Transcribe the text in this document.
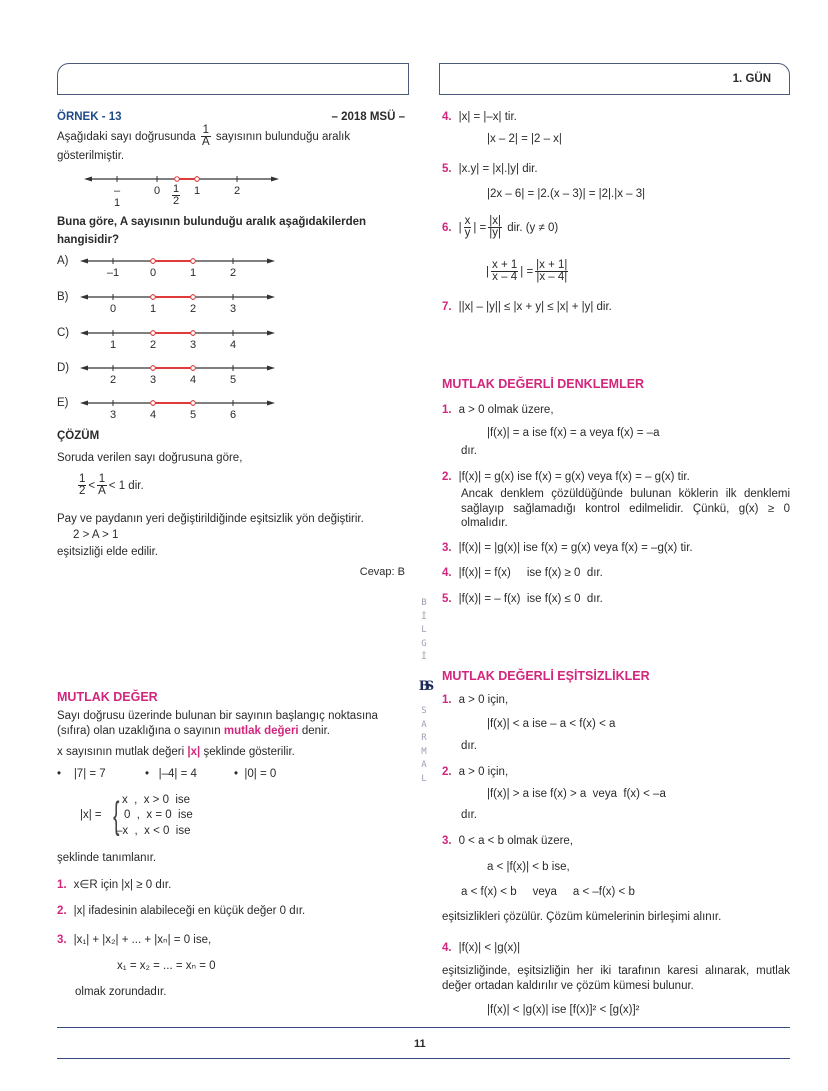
1. GÜN
ÖRNEK - 13	– 2018 MSÜ –
Aşağıdaki sayı doğrusunda $\frac{1}{A}$ sayısının bulunduğu aralık
gösterilmiştir.
–1
0	1	2
$\frac{1}{2}$
Buna göre, A sayısının bulunduğu aralık aşağıdakilerden
hangisidir?
A)
–1	0	1	2
B)
0	1	2	3
C)
1	2	3	4
D)
2	3	4	5
E)
3	4	5	6
ÇÖZÜM
Soruda verilen sayı doğrusuna göre,
$\frac{1}{2} < \frac{1}{A} < 1$ dir.
Pay ve paydanın yeri değiştirildiğinde eşitsizlik yön değiştirir.
2 > A > 1
eşitsizliği elde edilir.
Cevap: B
MUTLAK DEĞER
Sayı doğrusu üzerinde bulunan bir sayının başlangıç noktasına
(sıfıra) olan uzaklığına o sayının mutlak değeri denir.
x sayısının mutlak değeri |x| şeklinde gösterilir.
•    |7| = 7	•   |–4| = 4	•  |0| = 0
|x| = { x  ,  x > 0  ise
0  ,  x = 0  ise
–x  ,  x < 0  ise
şeklinde tanımlanır.
1. x∈R için |x| ≥ 0 dır.
2. |x| ifadesinin alabileceği en küçük değer 0 dır.
3. |x₁| + |x₂| + ... + |xₙ| = 0 ise,
x₁ = x₂ = ... = xₙ = 0
olmak zorundadır.
4. |x| = |–x| tir.
|x – 2| = |2 – x|
5. |x.y| = |x|.|y| dir.
|2x – 6| = |2.(x – 3)| = |2|.|x – 3|
6. | $\frac{x}{y}$ | = $\frac{|x|}{|y|}$ dir. (y ≠ 0)
| $\frac{x + 1}{x - 4}$ | = $\frac{|x + 1|}{|x - 4|}$
7. ||x| – |y|| ≤ |x + y| ≤ |x| + |y| dir.
MUTLAK DEĞERLİ DENKLEMLER
1. a > 0 olmak üzere,
|f(x)| = a ise f(x) = a veya f(x) = –a
dır.
2. |f(x)| = g(x) ise f(x) = g(x) veya f(x) = – g(x) tir.
Ancak denklem çözüldüğünde bulunan köklerin ilk denklemi sağlayıp sağlamadığı kontrol edilmelidir. Çünkü, g(x) ≥ 0 olmalıdır.
3. |f(x)| = |g(x)| ise f(x) = g(x) veya f(x) = –g(x) tir.
4. |f(x)| = f(x)     ise f(x) ≥ 0  dır.
5. |f(x)| = – f(x)  ise f(x) ≤ 0  dır.
MUTLAK DEĞERLİ EŞİTSİZLİKLER
1. a > 0 için,
|f(x)| < a ise – a < f(x) < a
dır.
2. a > 0 için,
|f(x)| > a ise f(x) > a  veya  f(x) < –a
dır.
3. 0 < a < b olmak üzere,
a < |f(x)| < b ise,
a < f(x) < b     veya     a < –f(x) < b
eşitsizlikleri çözülür. Çözüm kümelerinin birleşimi alınır.
4. |f(x)| < |g(x)|
eşitsizliğinde, eşitsizliğin her iki tarafının karesi alınarak, mutlak değer ortadan kaldırılır ve çözüm kümesi bulunur.
|f(x)| < |g(x)| ise [f(x)]² < [g(x)]²
B
İ
L
G
İ
BS
S
A
R
M
A
L
11
